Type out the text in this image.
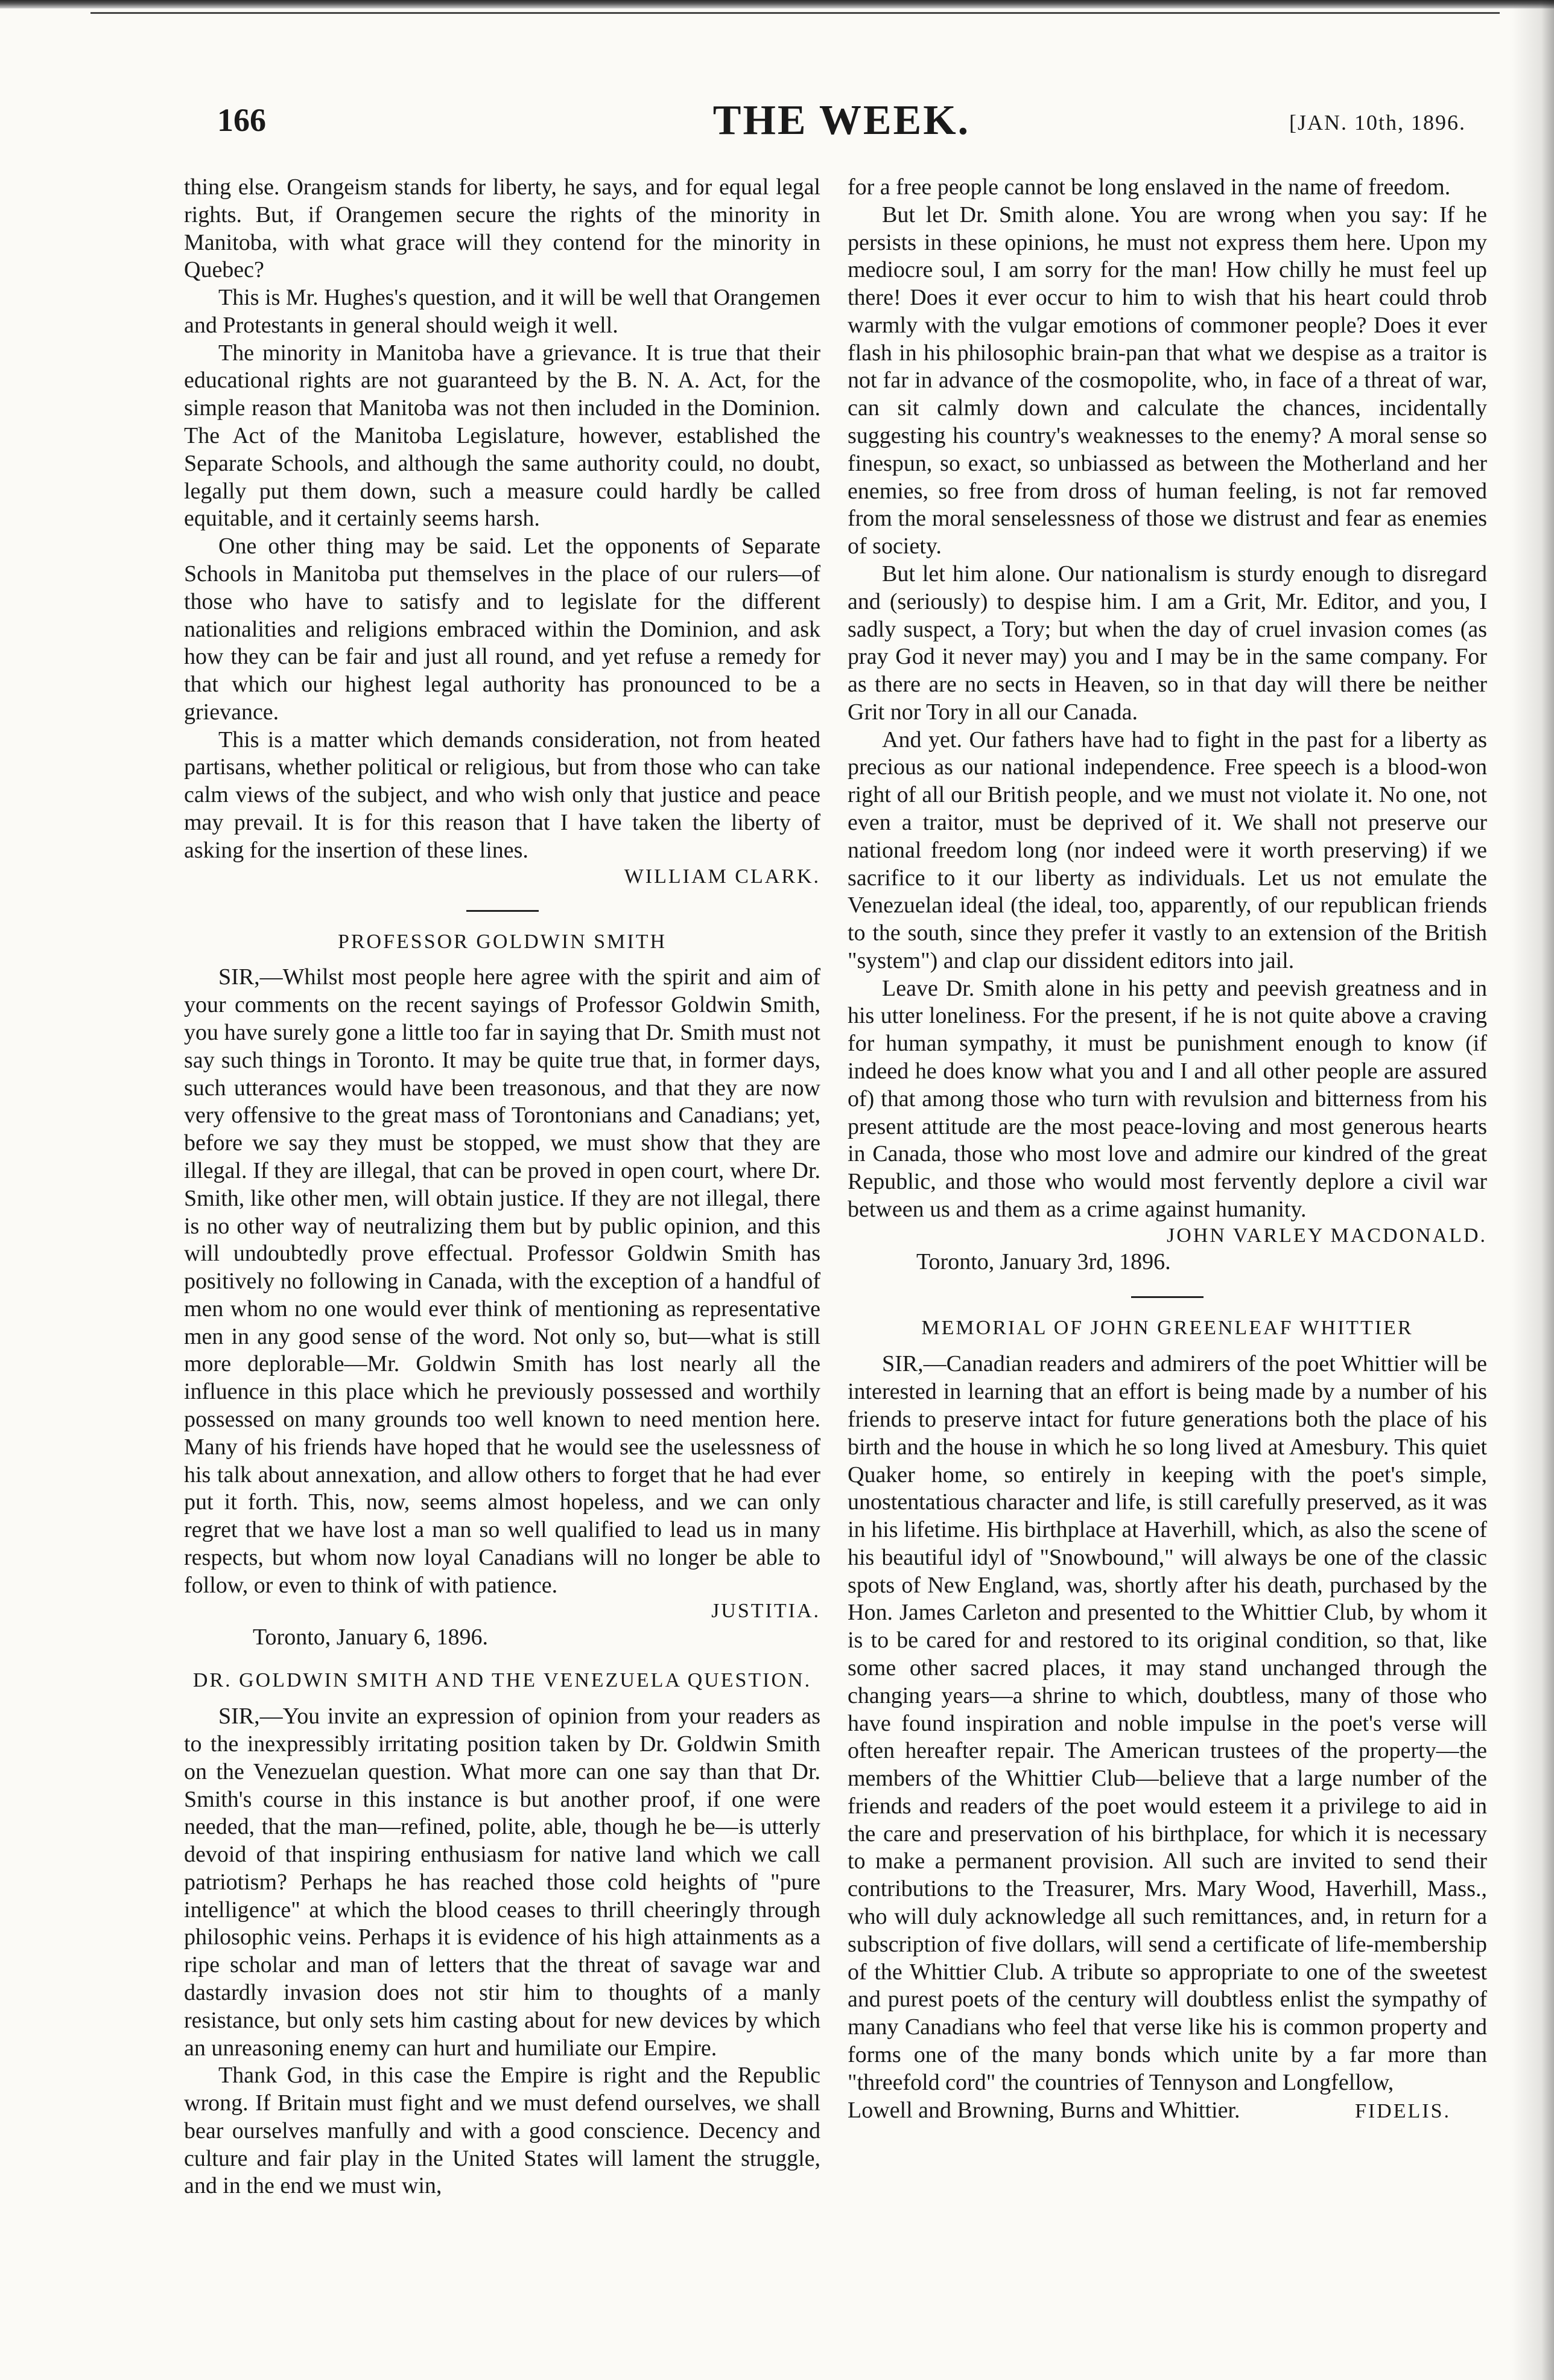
166	THE WEEK.	[JAN. 10th, 1896.

thing else. Orangeism stands for liberty, he says, and for equal legal rights. But, if Orangemen secure the rights of the minority in Manitoba, with what grace will they contend for the minority in Quebec?

This is Mr. Hughes's question, and it will be well that Orangemen and Protestants in general should weigh it well.

The minority in Manitoba have a grievance. It is true that their educational rights are not guaranteed by the B. N. A. Act, for the simple reason that Manitoba was not then included in the Dominion. The Act of the Manitoba Legislature, however, established the Separate Schools, and although the same authority could, no doubt, legally put them down, such a measure could hardly be called equitable, and it certainly seems harsh.

One other thing may be said. Let the opponents of Separate Schools in Manitoba put themselves in the place of our rulers—of those who have to satisfy and to legislate for the different nationalities and religions embraced within the Dominion, and ask how they can be fair and just all round, and yet refuse a remedy for that which our highest legal authority has pronounced to be a grievance.

This is a matter which demands consideration, not from heated partisans, whether political or religious, but from those who can take calm views of the subject, and who wish only that justice and peace may prevail. It is for this reason that I have taken the liberty of asking for the insertion of these lines.

WILLIAM CLARK.

PROFESSOR GOLDWIN SMITH

SIR,—Whilst most people here agree with the spirit and aim of your comments on the recent sayings of Professor Goldwin Smith, you have surely gone a little too far in saying that Dr. Smith must not say such things in Toronto. It may be quite true that, in former days, such utterances would have been treasonous, and that they are now very offensive to the great mass of Torontonians and Canadians; yet, before we say they must be stopped, we must show that they are illegal. If they are illegal, that can be proved in open court, where Dr. Smith, like other men, will obtain justice. If they are not illegal, there is no other way of neutralizing them but by public opinion, and this will undoubtedly prove effectual. Professor Goldwin Smith has positively no following in Canada, with the exception of a handful of men whom no one would ever think of mentioning as representative men in any good sense of the word. Not only so, but—what is still more deplorable—Mr. Goldwin Smith has lost nearly all the influence in this place which he previously possessed and worthily possessed on many grounds too well known to need mention here. Many of his friends have hoped that he would see the uselessness of his talk about annexation, and allow others to forget that he had ever put it forth. This, now, seems almost hopeless, and we can only regret that we have lost a man so well qualified to lead us in many respects, but whom now loyal Canadians will no longer be able to follow, or even to think of with patience.

JUSTITIA.

Toronto, January 6, 1896.

DR. GOLDWIN SMITH AND THE VENEZUELA QUESTION.

SIR,—You invite an expression of opinion from your readers as to the inexpressibly irritating position taken by Dr. Goldwin Smith on the Venezuelan question. What more can one say than that Dr. Smith's course in this instance is but another proof, if one were needed, that the man—refined, polite, able, though he be—is utterly devoid of that inspiring enthusiasm for native land which we call patriotism? Perhaps he has reached those cold heights of "pure intelligence" at which the blood ceases to thrill cheeringly through philosophic veins. Perhaps it is evidence of his high attainments as a ripe scholar and man of letters that the threat of savage war and dastardly invasion does not stir him to thoughts of a manly resistance, but only sets him casting about for new devices by which an unreasoning enemy can hurt and humiliate our Empire.

Thank God, in this case the Empire is right and the Republic wrong. If Britain must fight and we must defend ourselves, we shall bear ourselves manfully and with a good conscience. Decency and culture and fair play in the United States will lament the struggle, and in the end we must win,

for a free people cannot be long enslaved in the name of freedom.

But let Dr. Smith alone. You are wrong when you say: If he persists in these opinions, he must not express them here. Upon my mediocre soul, I am sorry for the man! How chilly he must feel up there! Does it ever occur to him to wish that his heart could throb warmly with the vulgar emotions of commoner people? Does it ever flash in his philosophic brain-pan that what we despise as a traitor is not far in advance of the cosmopolite, who, in face of a threat of war, can sit calmly down and calculate the chances, incidentally suggesting his country's weaknesses to the enemy? A moral sense so finespun, so exact, so unbiassed as between the Motherland and her enemies, so free from dross of human feeling, is not far removed from the moral senselessness of those we distrust and fear as enemies of society.

But let him alone. Our nationalism is sturdy enough to disregard and (seriously) to despise him. I am a Grit, Mr. Editor, and you, I sadly suspect, a Tory; but when the day of cruel invasion comes (as pray God it never may) you and I may be in the same company. For as there are no sects in Heaven, so in that day will there be neither Grit nor Tory in all our Canada.

And yet. Our fathers have had to fight in the past for a liberty as precious as our national independence. Free speech is a blood-won right of all our British people, and we must not violate it. No one, not even a traitor, must be deprived of it. We shall not preserve our national freedom long (nor indeed were it worth preserving) if we sacrifice to it our liberty as individuals. Let us not emulate the Venezuelan ideal (the ideal, too, apparently, of our republican friends to the south, since they prefer it vastly to an extension of the British "system") and clap our dissident editors into jail.

Leave Dr. Smith alone in his petty and peevish greatness and in his utter loneliness. For the present, if he is not quite above a craving for human sympathy, it must be punishment enough to know (if indeed he does know what you and I and all other people are assured of) that among those who turn with revulsion and bitterness from his present attitude are the most peace-loving and most generous hearts in Canada, those who most love and admire our kindred of the great Republic, and those who would most fervently deplore a civil war between us and them as a crime against humanity.

JOHN VARLEY MACDONALD.

Toronto, January 3rd, 1896.

MEMORIAL OF JOHN GREENLEAF WHITTIER

SIR,—Canadian readers and admirers of the poet Whittier will be interested in learning that an effort is being made by a number of his friends to preserve intact for future generations both the place of his birth and the house in which he so long lived at Amesbury. This quiet Quaker home, so entirely in keeping with the poet's simple, unostentatious character and life, is still carefully preserved, as it was in his lifetime. His birthplace at Haverhill, which, as also the scene of his beautiful idyl of "Snowbound," will always be one of the classic spots of New England, was, shortly after his death, purchased by the Hon. James Carleton and presented to the Whittier Club, by whom it is to be cared for and restored to its original condition, so that, like some other sacred places, it may stand unchanged through the changing years—a shrine to which, doubtless, many of those who have found inspiration and noble impulse in the poet's verse will often hereafter repair. The American trustees of the property—the members of the Whittier Club—believe that a large number of the friends and readers of the poet would esteem it a privilege to aid in the care and preservation of his birthplace, for which it is necessary to make a permanent provision. All such are invited to send their contributions to the Treasurer, Mrs. Mary Wood, Haverhill, Mass., who will duly acknowledge all such remittances, and, in return for a subscription of five dollars, will send a certificate of life-membership of the Whittier Club. A tribute so appropriate to one of the sweetest and purest poets of the century will doubtless enlist the sympathy of many Canadians who feel that verse like his is common property and forms one of the many bonds which unite by a far more than "threefold cord" the countries of Tennyson and Longfellow,

Lowell and Browning, Burns and Whittier.	FIDELIS.
